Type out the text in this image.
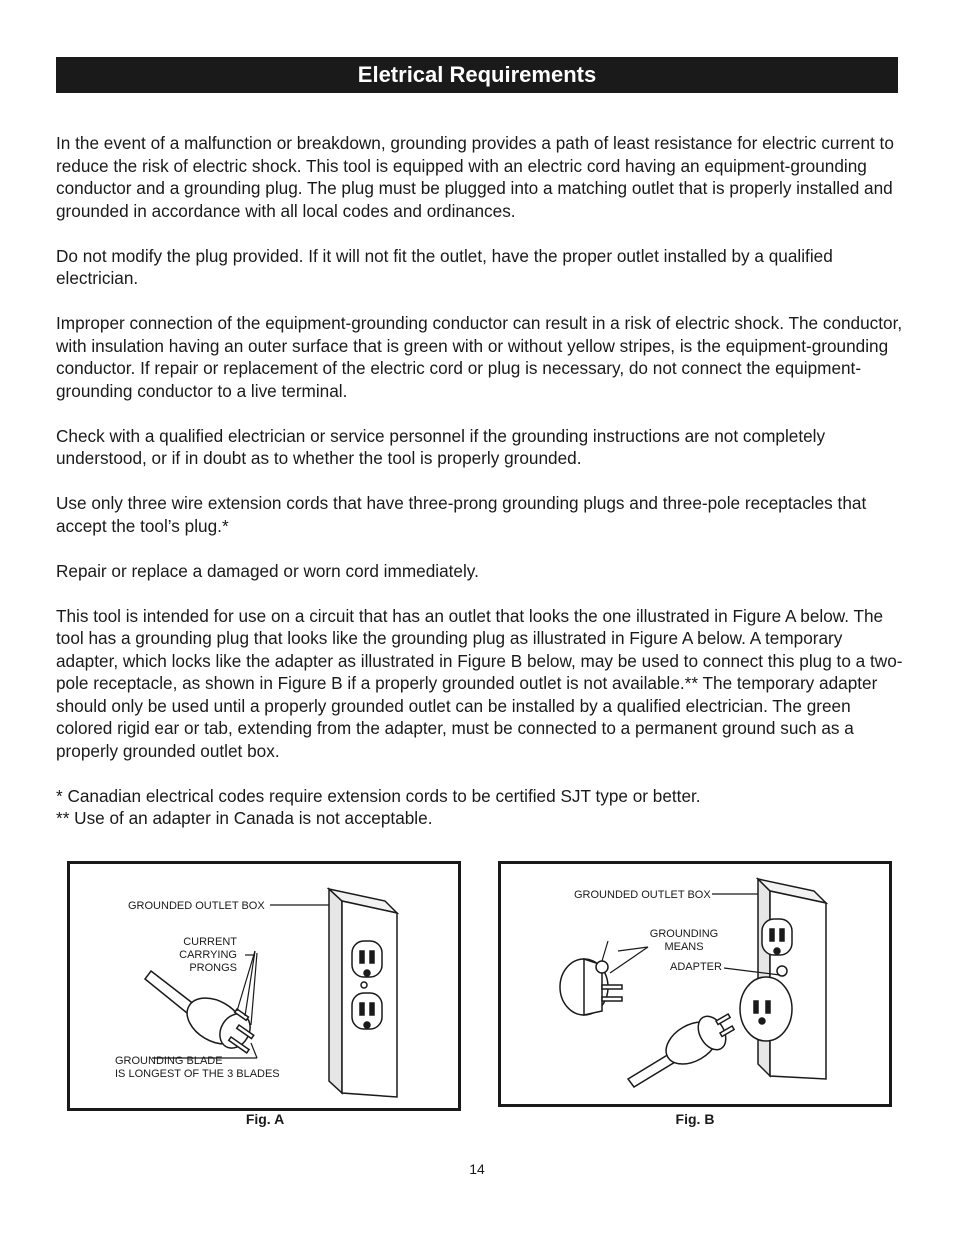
Eletrical Requirements

In the event of a malfunction or breakdown, grounding provides a path of least resistance for electric current to reduce the risk of electric shock. This tool is equipped with an electric cord having an equipment-grounding conductor and a grounding plug. The plug must be plugged into a matching outlet that is properly installed and grounded in accordance with all local codes and ordinances.

Do not modify the plug provided. If it will not fit the outlet, have the proper outlet installed by a qualified electrician.

Improper connection of the equipment-grounding conductor can result in a risk of electric shock. The conductor, with insulation having an outer surface that is green with or without yellow stripes, is the equipment-grounding conductor. If repair or replacement of the electric cord or plug is necessary, do not connect the equipment-grounding conductor to a live terminal.

Check with a qualified electrician or service personnel if the grounding instructions are not completely understood, or if in doubt as to whether the tool is properly grounded.

Use only three wire extension cords that have three-prong grounding plugs and three-pole receptacles that accept the tool’s plug.*

Repair or replace a damaged or worn cord immediately.

This tool is intended for use on a circuit that has an outlet that looks the one illustrated in Figure A below. The tool has a grounding plug that looks like the grounding plug as illustrated in Figure A below. A temporary adapter, which locks like the adapter as illustrated in Figure B below, may be used to connect this plug to a two-pole receptacle, as shown in Figure B if a properly grounded outlet is not available.** The temporary adapter should only be used until a properly grounded outlet can be installed by a qualified electrician. The green colored rigid ear or tab, extending from the adapter, must be connected to a permanent ground such as a properly grounded outlet box.

* Canadian electrical codes require extension cords to be certified SJT type or better.

** Use of an adapter in Canada is not acceptable.

GROUNDED OUTLET BOX
CURRENT
CARRYING
PRONGS
GROUNDING BLADE
IS LONGEST OF THE 3 BLADES
Fig. A
GROUNDED OUTLET BOX
GROUNDING
MEANS
ADAPTER
Fig. B
14
